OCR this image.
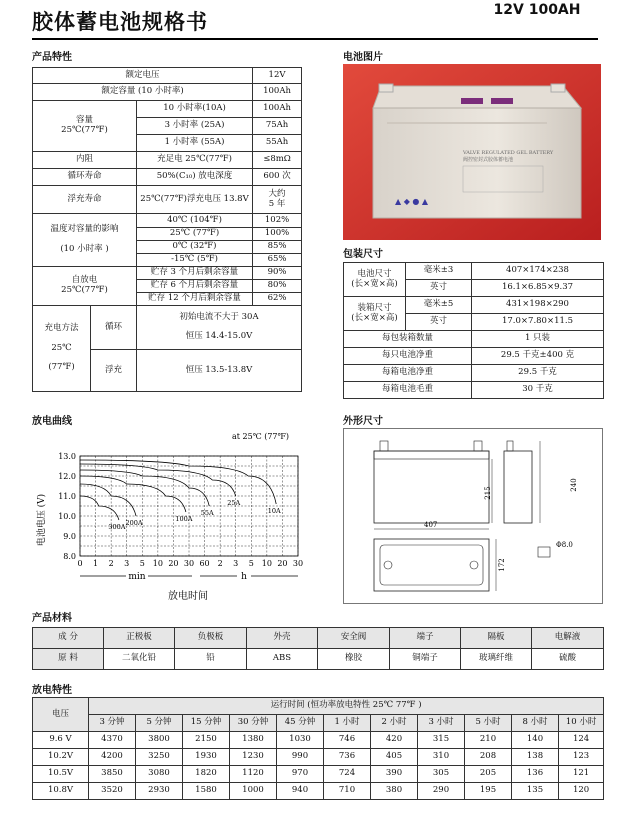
胶体蓄电池规格书	12V 100AH
产品特性	电池图片
包装尺寸
放电曲线	外形尺寸
产品材料
放电特性
额定电压			12V
额定容量 (10 小时率)			100Ah
容量
25℃(77℉)		10 小时率(10A)	100Ah
		3 小时率 (25A)	75Ah
		1 小时率 (55A)	55Ah
内阻		充足电 25℃(77℉)	≤8mΩ
循环寿命		50%(C₁₀) 放电深度	600 次
浮充寿命		25℃(77℉)浮充电压 13.8V	大约
5 年
温度对容量的影响

(10 小时率 )		40℃ (104℉)	102%
		25℃ (77℉)	100%
		0℃ (32℉)	85%
		-15℃ (5℉)	65%
自放电
25℃(77℉)		贮存 3 个月后剩余容量	90%
		贮存 6 个月后剩余容量	80%
		贮存 12 个月后剩余容量	62%
充电方法

25℃

(77℉)	循环	初始电流不大于 30A

恒压 14.4-15.0V	
	浮充	恒压 13.5-13.8V	
VALVE REGULATED GEL BATTERY
阀控密封式胶体蓄电池
▲ ◆ ● ▲
电池尺寸
(长×宽×高)	毫米±3	407×174×238
	英寸	16.1×6.85×9.37
装箱尺寸
(长×宽×高)	毫米±5	431×198×290
	英寸	17.0×7.80×11.5
每包装箱数量		1 只装
每只电池净重		29.5 千克±400 克
每箱电池净重		29.5 千克
每箱电池毛重		30 千克
at 25℃ (77℉)
13.0
12.0
11.0
10.0
9.0
8.0
0 1 2 3 5 10 20 30 60 2 3 5 10 20 30
300A 200A	100A
55A
25A
10A
电池电压 (V)
min	h
放电时间
215
240
407
172
Φ8.0
成 分	正极板	负极板	外壳	安全阀	端子	隔板	电解液
原 料	二氧化铅	铅	ABS	橡胶	铜端子	玻璃纤维	硫酸
电压	运行时间 (恒功率放电特性 25℃ 77℉ )										
	3 分钟	5 分钟	15 分钟	30 分钟	45 分钟	1 小时	2 小时	3 小时	5 小时	8 小时	10 小时
9.6 V	4370	3800	2150	1380	1030	746	420	315	210	140	124
10.2V	4200	3250	1930	1230	990	736	405	310	208	138	123
10.5V	3850	3080	1820	1120	970	724	390	305	205	136	121
10.8V	3520	2930	1580	1000	940	710	380	290	195	135	120
